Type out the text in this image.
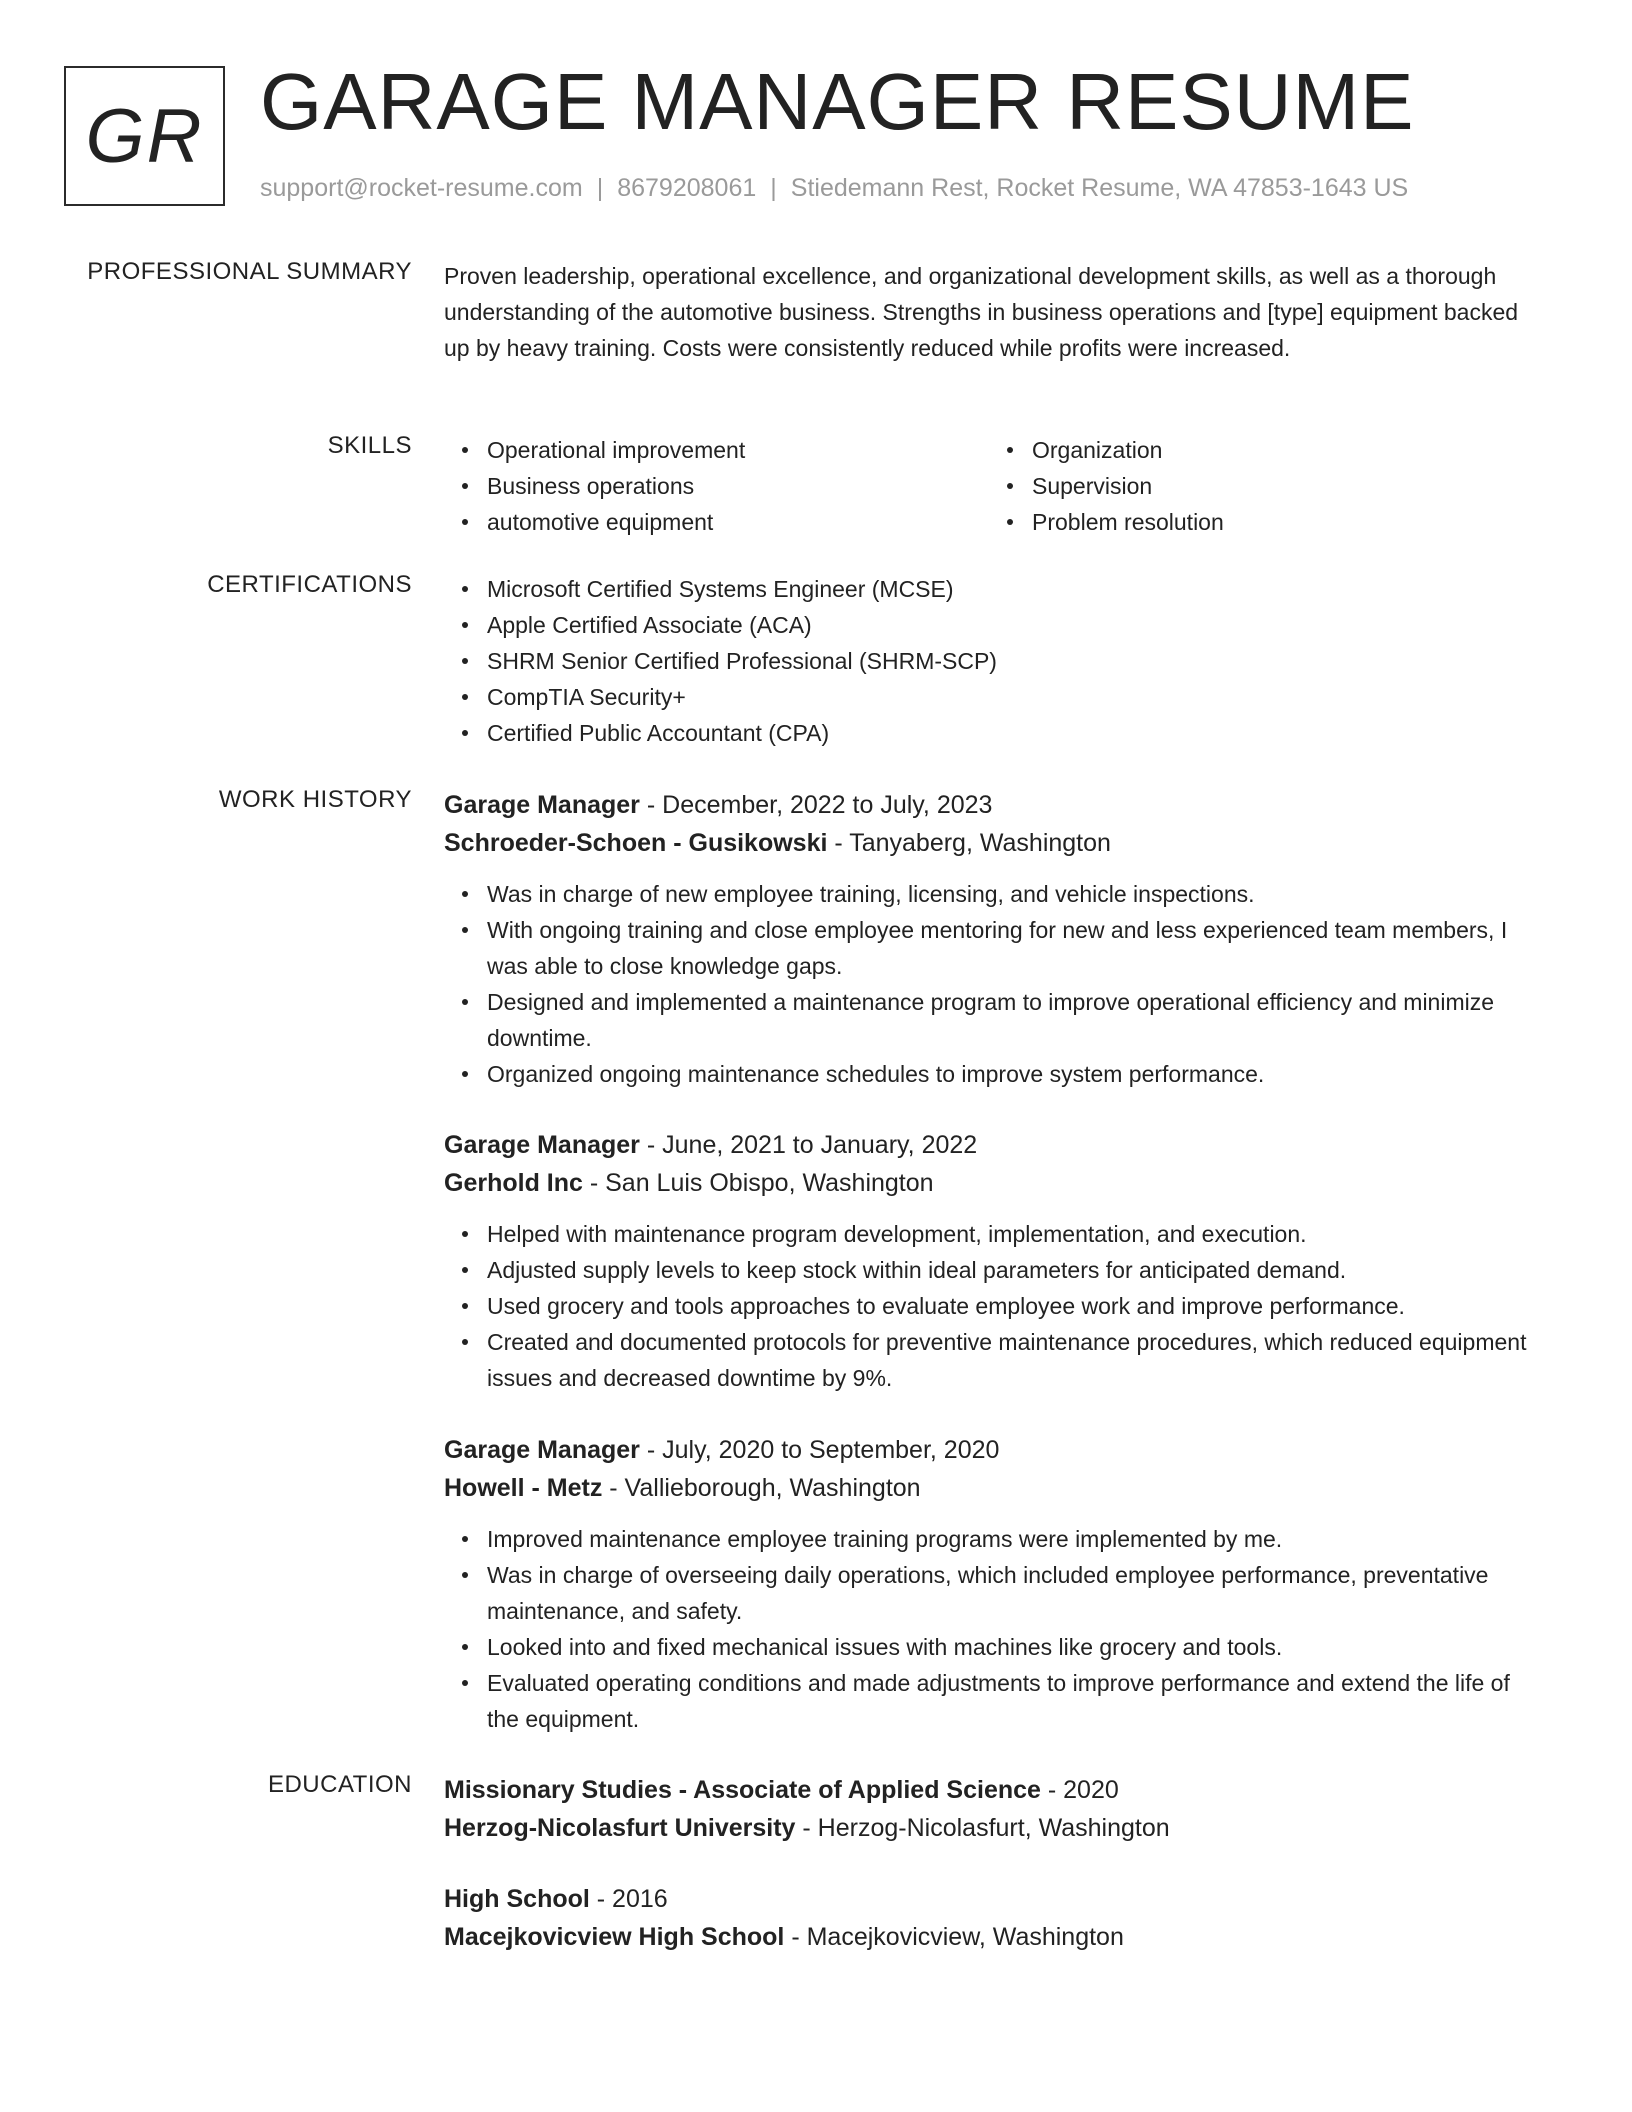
GR GARAGE MANAGER RESUME
support@rocket-resume.com | 8679208061 | Stiedemann Rest, Rocket Resume, WA 47853-1643 US
PROFESSIONAL SUMMARY Proven leadership, operational excellence, and organizational development skills, as well as a thorough understanding of the automotive business. Strengths in business operations and [type] equipment backed up by heavy training. Costs were consistently reduced while profits were increased.
SKILLS	Operational improvement
Business operations
automotive equipment
Organization
Supervision
Problem resolution
CERTIFICATIONS	Microsoft Certified Systems Engineer (MCSE)
Apple Certified Associate (ACA)
SHRM Senior Certified Professional (SHRM-SCP)
CompTIA Security+
Certified Public Accountant (CPA)
WORK HISTORY Garage Manager - December, 2022 to July, 2023
Schroeder-Schoen - Gusikowski - Tanyaberg, Washington
Was in charge of new employee training, licensing, and vehicle inspections.
With ongoing training and close employee mentoring for new and less experienced team members, I was able to close knowledge gaps.
Designed and implemented a maintenance program to improve operational efficiency and minimize downtime.
Organized ongoing maintenance schedules to improve system performance.
Garage Manager - June, 2021 to January, 2022
Gerhold Inc - San Luis Obispo, Washington
Helped with maintenance program development, implementation, and execution.
Adjusted supply levels to keep stock within ideal parameters for anticipated demand.
Used grocery and tools approaches to evaluate employee work and improve performance.
Created and documented protocols for preventive maintenance procedures, which reduced equipment issues and decreased downtime by 9%.
Garage Manager - July, 2020 to September, 2020
Howell - Metz - Vallieborough, Washington
Improved maintenance employee training programs were implemented by me.
Was in charge of overseeing daily operations, which included employee performance, preventative maintenance, and safety.
Looked into and fixed mechanical issues with machines like grocery and tools.
Evaluated operating conditions and made adjustments to improve performance and extend the life of the equipment.
EDUCATION Missionary Studies - Associate of Applied Science - 2020
Herzog-Nicolasfurt University - Herzog-Nicolasfurt, Washington
High School - 2016
Macejkovicview High School - Macejkovicview, Washington
